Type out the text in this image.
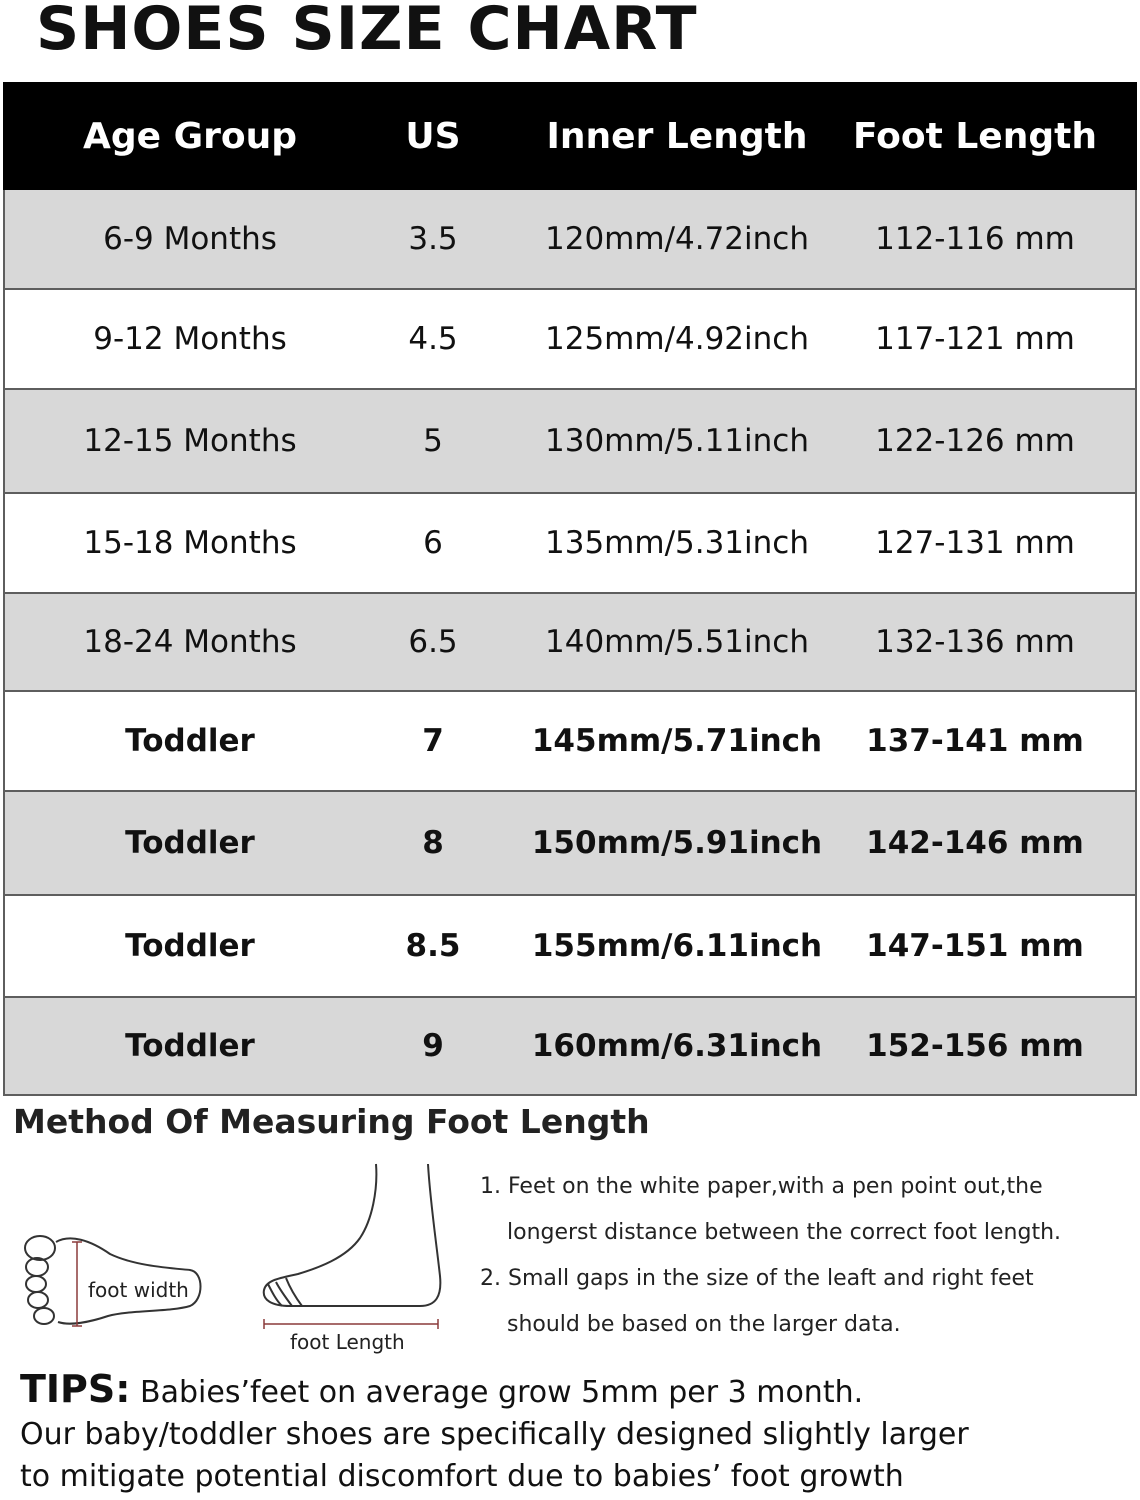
SHOES SIZE CHART
Age Group	US	Inner Length	Foot Length
6-9 Months	3.5	120mm/4.72inch	112-116 mm
9-12 Months	4.5	125mm/4.92inch	117-121 mm
12-15 Months	5	130mm/5.11inch	122-126 mm
15-18 Months	6	135mm/5.31inch	127-131 mm
18-24 Months	6.5	140mm/5.51inch	132-136 mm
Toddler	7	145mm/5.71inch	137-141 mm
Toddler	8	150mm/5.91inch	142-146 mm
Toddler	8.5	155mm/6.11inch	147-151 mm
Toddler	9	160mm/6.31inch	152-156 mm
Method Of Measuring Foot Length
foot width
foot Length
1. Feet on the white paper,with a pen point out,the
longerst distance between the correct foot length.
2. Small gaps in the size of the leaft and right feet
should be based on the larger data.
TIPS: Babies’feet on average grow 5mm per 3 month.
Our baby/toddler shoes are specifically designed slightly larger
to mitigate potential discomfort due to babies’ foot growth
